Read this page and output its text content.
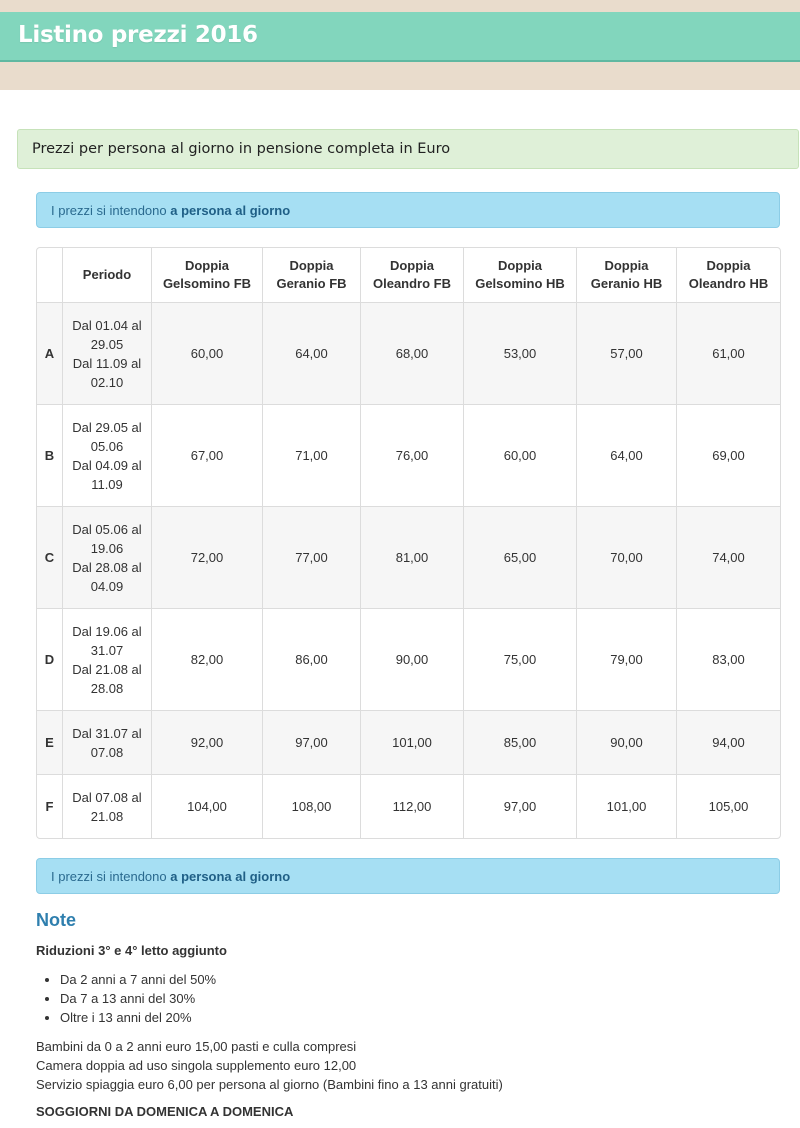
Listino prezzi 2016
Prezzi per persona al giorno in pensione completa in Euro
I prezzi si intendono a persona al giorno
	Periodo	Doppia Gelsomino FB	Doppia Geranio FB	Doppia Oleandro FB	Doppia Gelsomino HB	Doppia Geranio HB	Doppia Oleandro HB
A	Dal 01.04 al
29.05
Dal 11.09 al
02.10	60,00	64,00	68,00	53,00	57,00	61,00
B	Dal 29.05 al
05.06
Dal 04.09 al
11.09	67,00	71,00	76,00	60,00	64,00	69,00
C	Dal 05.06 al
19.06
Dal 28.08 al
04.09	72,00	77,00	81,00	65,00	70,00	74,00
D	Dal 19.06 al
31.07
Dal 21.08 al
28.08	82,00	86,00	90,00	75,00	79,00	83,00
E	Dal 31.07 al
07.08	92,00	97,00	101,00	85,00	90,00	94,00
F	Dal 07.08 al
21.08	104,00	108,00	112,00	97,00	101,00	105,00
I prezzi si intendono a persona al giorno
Note

Riduzioni 3° e 4° letto aggiunto

• Da 2 anni a 7 anni del 50%
• Da 7 a 13 anni del 30%
• Oltre i 13 anni del 20%
Bambini da 0 a 2 anni euro 15,00 pasti e culla compresi
Camera doppia ad uso singola supplemento euro 12,00
Servizio spiaggia euro 6,00 per persona al giorno (Bambini fino a 13 anni gratuiti)

SOGGIORNI DA DOMENICA A DOMENICA
